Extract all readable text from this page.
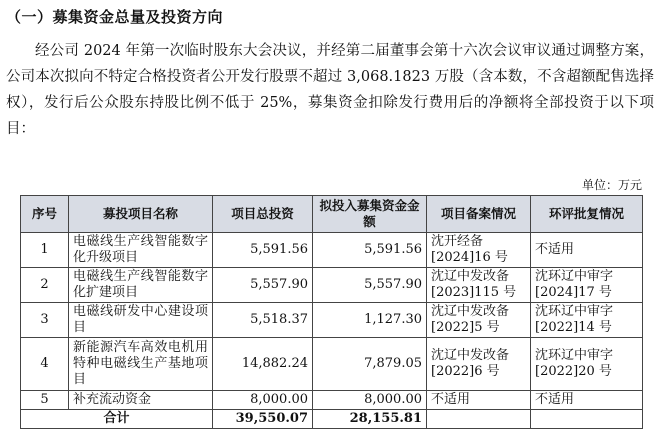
（一）募集资金总量及投资方向
经公司 2024 年第一次临时股东大会决议，并经第二届董事会第十六次会议审议通过调整方案，公司本次拟向不特定合格投资者公开发行股票不超过 3,068.1823 万股（含本数，不含超额配售选择权），发行后公众股东持股比例不低于 25%，募集资金扣除发行费用后的净额将全部投资于以下项目：
单位：万元
序号	募投项目名称	项目总投资	拟投入募集资金金额	项目备案情况	环评批复情况
1	电磁线生产线智能数字化升级项目	5,591.56	5,591.56	沈开经备[2024]16 号	不适用
2	电磁线生产线智能数字化扩建项目	5,557.90	5,557.90	沈辽中发改备[2023]115 号	沈环辽中审字[2024]17 号
3	电磁线研发中心建设项目	5,518.37	1,127.30	沈辽中发改备[2022]5 号	沈环辽中审字[2022]14 号
4	新能源汽车高效电机用特种电磁线生产基地项目	14,882.24	7,879.05	沈辽中发改备[2022]6 号	沈环辽中审字[2022]20 号
5	补充流动资金	8,000.00	8,000.00	不适用	不适用
合计		39,550.07	28,155.81		
